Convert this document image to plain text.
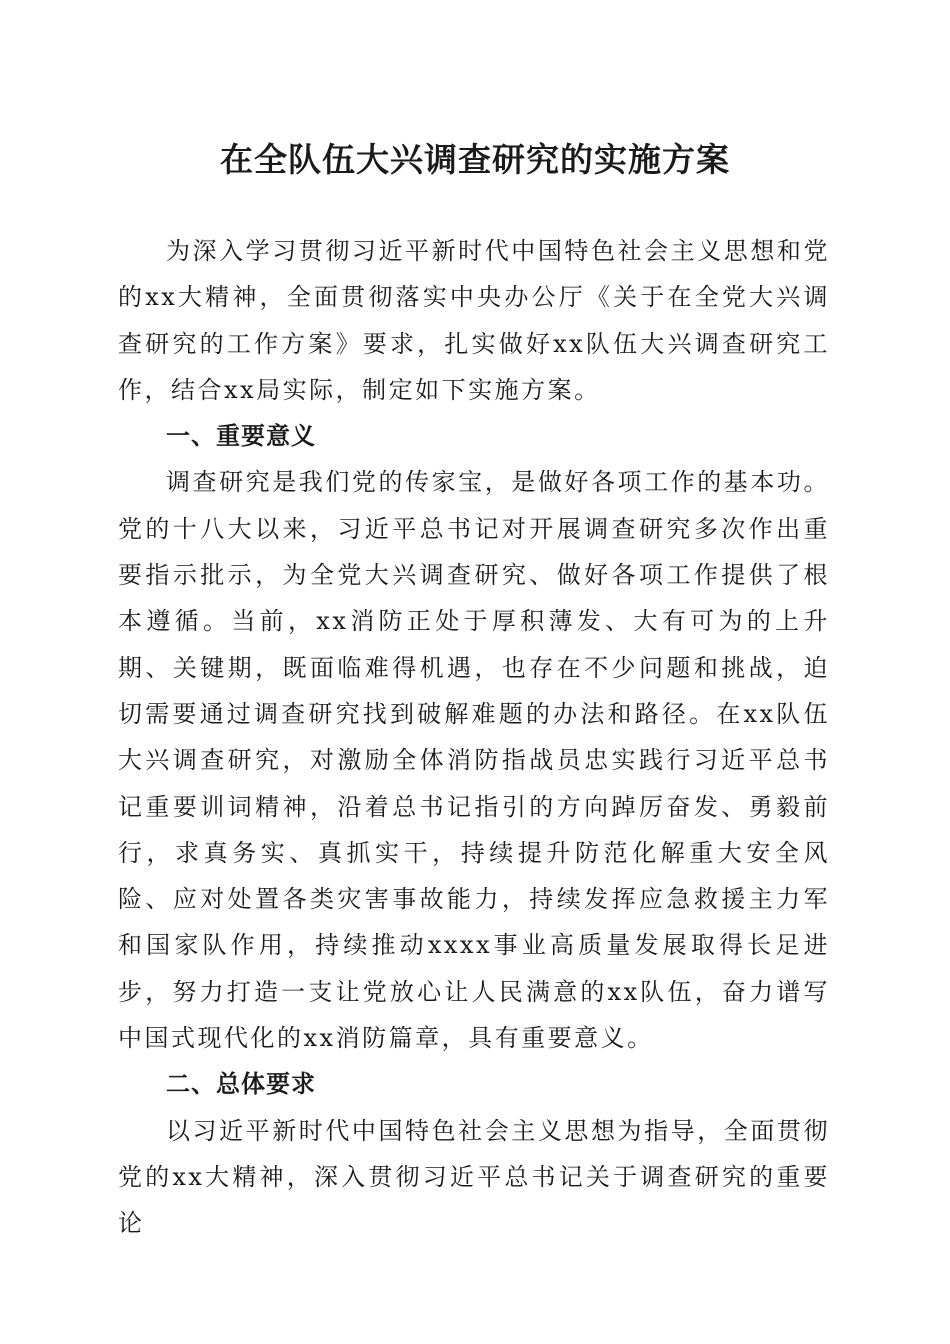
在全队伍大兴调查研究的实施方案

为深入学习贯彻习近平新时代中国特色社会主义思想和党的xx大精神，全面贯彻落实中央办公厅《关于在全党大兴调查研究的工作方案》要求，扎实做好xx队伍大兴调查研究工作，结合xx局实际，制定如下实施方案。

一、重要意义

调查研究是我们党的传家宝，是做好各项工作的基本功。党的十八大以来，习近平总书记对开展调查研究多次作出重要指示批示，为全党大兴调查研究、做好各项工作提供了根本遵循。当前，xx消防正处于厚积薄发、大有可为的上升期、关键期，既面临难得机遇，也存在不少问题和挑战，迫切需要通过调查研究找到破解难题的办法和路径。在xx队伍大兴调查研究，对激励全体消防指战员忠实践行习近平总书记重要训词精神，沿着总书记指引的方向踔厉奋发、勇毅前行，求真务实、真抓实干，持续提升防范化解重大安全风险、应对处置各类灾害事故能力，持续发挥应急救援主力军和国家队作用，持续推动xxxx事业高质量发展取得长足进步，努力打造一支让党放心让人民满意的xx队伍，奋力谱写中国式现代化的xx消防篇章，具有重要意义。

二、总体要求

以习近平新时代中国特色社会主义思想为指导，全面贯彻党的xx大精神，深入贯彻习近平总书记关于调查研究的重要论
